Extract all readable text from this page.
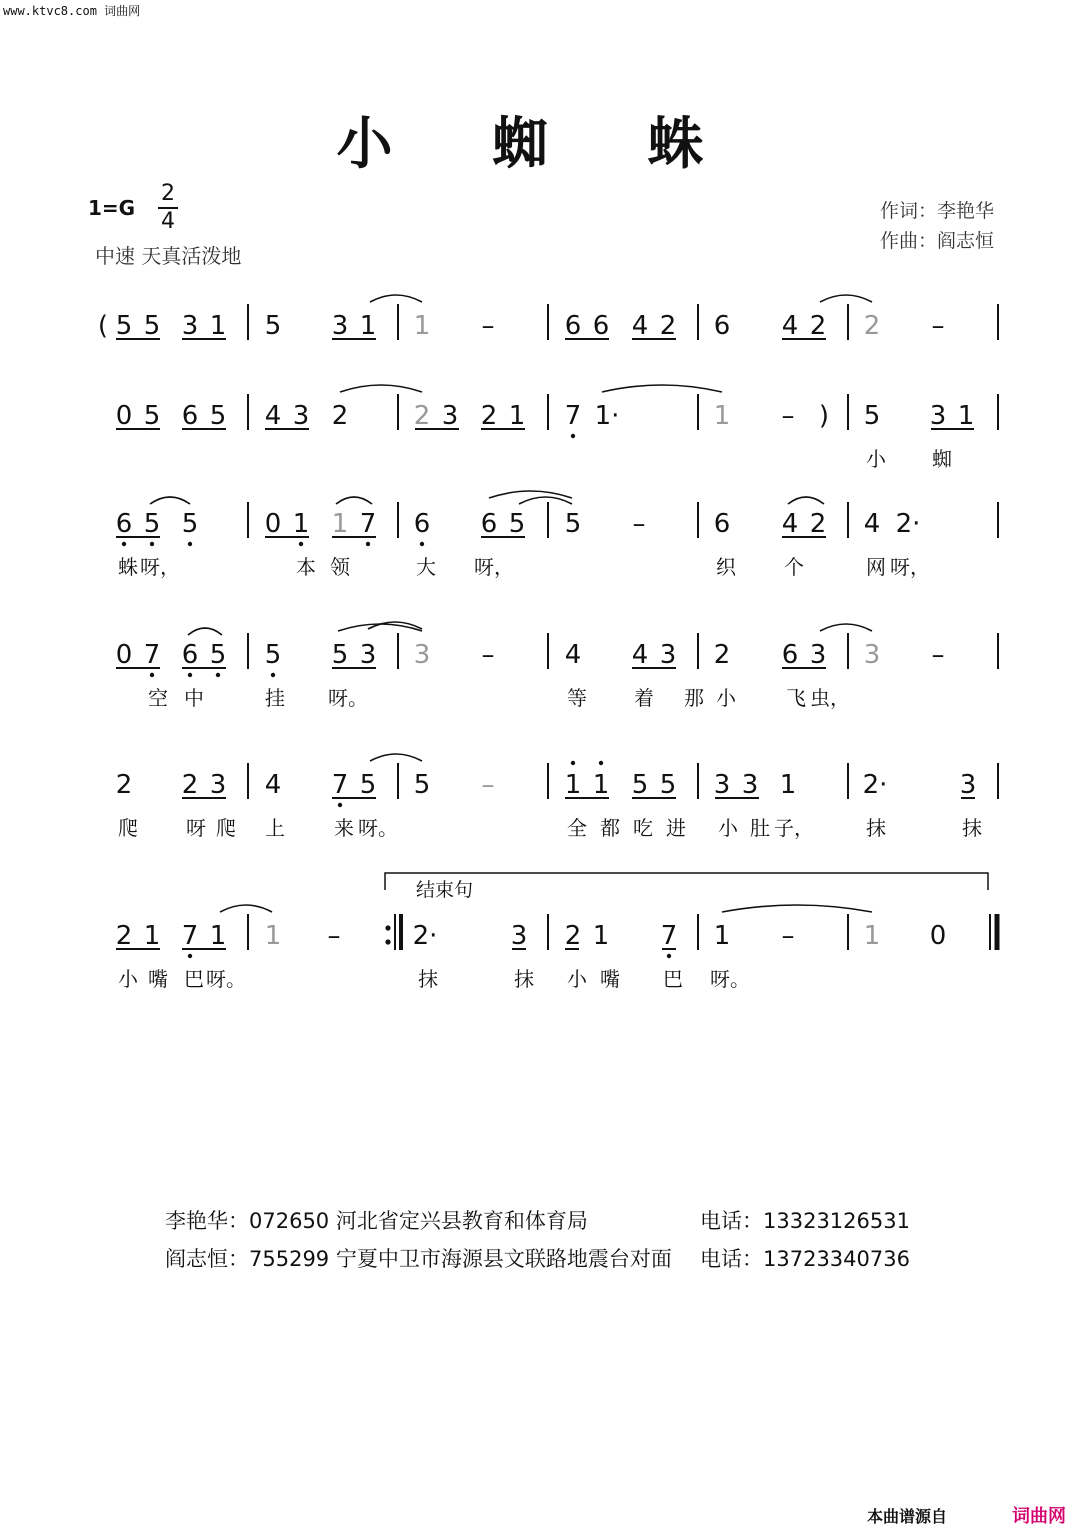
www.ktvc8.com 词曲网
小 蜘 蛛
1=G
2
4
中速 天真活泼地
作词：李艳华
作曲：阎志恒
( 5 5 3 1 5 3 1 1 –	6 6 4 2 6 4 2 2 –
0 5 6 5 4 3 2	2 3 2 1 7 1·	1 – ) 5 3 1
小 蜘
6 5 5	0 1 1 7 6 6 5 5 –	6 4 2 4 2·
蛛 呀，	本 领	大 呀，	织 个	网 呀，
0 7 6 5 5 5 3 3 –	4 4 3 2 6 3 3 –
空 中	挂 呀。	等 着 那 小	飞 虫，
2 2 3 4 7 5 5 –	1 1 5 5 3 3 1	2·	3
爬 呀 爬 上 来 呀。	全 都 吃 进 小 肚 子，	抹	抹
2 1 7 1 1 –	2·	3 2 1 7 1 –	1 0
小 嘴 巴 呀。	抹	抹 小 嘴 巴 呀。
结束句
李艳华：072650 河北省定兴县教育和体育局	电话：13323126531
阎志恒：755299 宁夏中卫市海源县文联路地震台对面	电话：13723340736
本曲谱源自	词曲网
